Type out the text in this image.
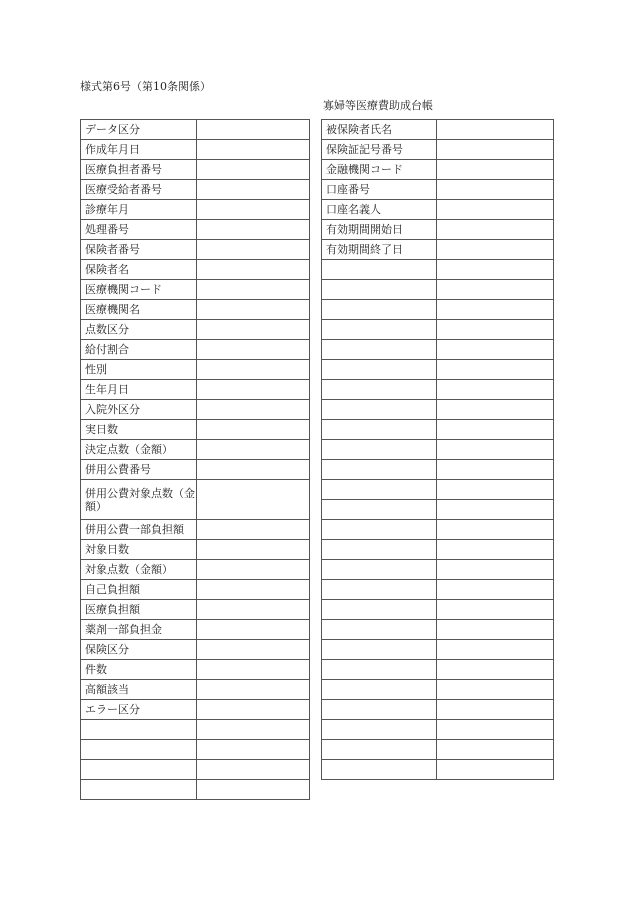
様式第6号（第10条関係）
寡婦等医療費助成台帳
データ区分	
作成年月日	
医療負担者番号	
医療受給者番号	
診療年月	
処理番号	
保険者番号	
保険者名	
医療機関コード	
医療機関名	
点数区分	
給付割合	
性別	
生年月日	
入院外区分	
実日数	
決定点数（金額）	
併用公費番号	
併用公費対象点数（金額）	
併用公費一部負担額	
対象日数	
対象点数（金額）	
自己負担額	
医療負担額	
薬剤一部負担金	
保険区分	
件数	
高額該当	
エラー区分	

被保険者氏名	
保険証記号番号	
金融機関コード	
口座番号	
口座名義人	
有効期間開始日	
有効期間終了日	
